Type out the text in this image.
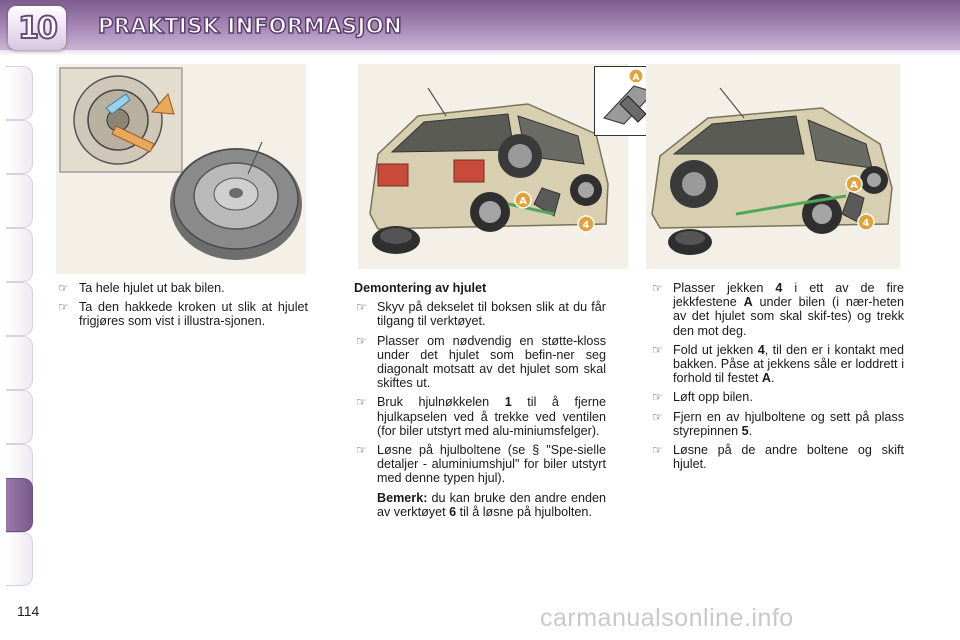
10 PRAKTISK INFORMASJON
A
4
A
A
4
☞ Ta hele hjulet ut bak bilen.
☞ Ta den hakkede kroken ut slik at hjulet frigjøres som vist i illustra-sjonen.
Demontering av hjulet
☞ Skyv på dekselet til boksen slik at du får tilgang til verktøyet.
☞ Plasser om nødvendig en støtte-kloss under det hjulet som befin-ner seg diagonalt motsatt av det hjulet som skal skiftes ut.
☞ Bruk hjulnøkkelen 1 til å fjerne hjulkapselen ved å trekke ved ventilen (for biler utstyrt med alu-miniumsfelger).
☞ Løsne på hjulboltene (se § "Spe-sielle detaljer - aluminiumshjul" for biler utstyrt med denne typen hjul).
Bemerk: du kan bruke den andre enden av verktøyet 6 til å løsne på hjulbolten.
☞ Plasser jekken 4 i ett av de fire jekkfestene A under bilen (i nær-heten av det hjulet som skal skif-tes) og trekk den mot deg.
☞ Fold ut jekken 4, til den er i kontakt med bakken. Påse at jekkens såle er loddrett i forhold til festet A.
☞ Løft opp bilen.
☞ Fjern en av hjulboltene og sett på plass styrepinnen 5.
☞ Løsne på de andre boltene og skift hjulet.
114	carmanualsonline.info
